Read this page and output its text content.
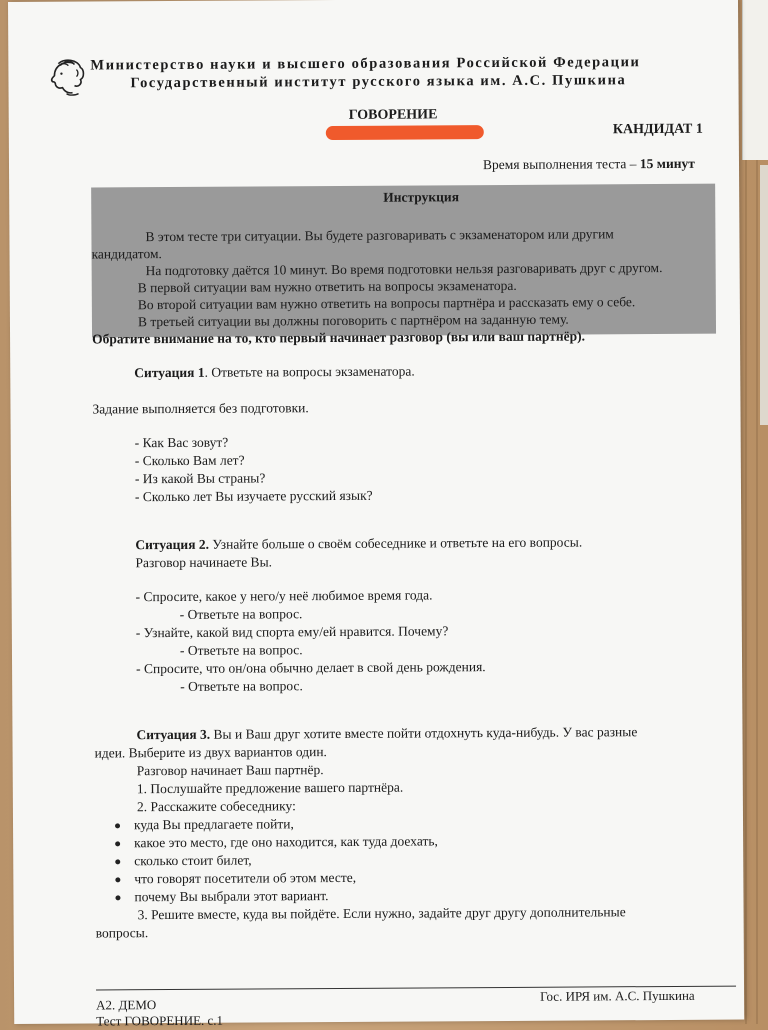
Министерство науки и высшего образования Российской Федерации
Государственный институт русского языка им. А.С. Пушкина
ГОВОРЕНИЕ
КАНДИДАТ 1
Время выполнения теста – 15 минут
Инструкция
В этом тесте три ситуации. Вы будете разговаривать с экзаменатором или другим
кандидатом.
На подготовку даётся 10 минут. Во время подготовки нельзя разговаривать друг с другом.
В первой ситуации вам нужно ответить на вопросы экзаменатора.
Во второй ситуации вам нужно ответить на вопросы партнёра и рассказать ему о себе.
В третьей ситуации вы должны поговорить с партнёром на заданную тему.
Обратите внимание на то, кто первый начинает разговор (вы или ваш партнёр).
Ситуация 1. Ответьте на вопросы экзаменатора.
Задание выполняется без подготовки.
- Как Вас зовут?
- Сколько Вам лет?
- Из какой Вы страны?
- Сколько лет Вы изучаете русский язык?
Ситуация 2. Узнайте больше о своём собеседнике и ответьте на его вопросы.
Разговор начинаете Вы.
- Спросите, какое у него/у неё любимое время года.
- Ответьте на вопрос.
- Узнайте, какой вид спорта ему/ей нравится. Почему?
- Ответьте на вопрос.
- Спросите, что он/она обычно делает в свой день рождения.
- Ответьте на вопрос.
Ситуация 3. Вы и Ваш друг хотите вместе пойти отдохнуть куда-нибудь. У вас разные
идеи. Выберите из двух вариантов один.
Разговор начинает Ваш партнёр.
1. Послушайте предложение вашего партнёра.
2. Расскажите собеседнику:
куда Вы предлагаете пойти,
какое это место, где оно находится, как туда доехать,
сколько стоит билет,
что говорят посетители об этом месте,
почему Вы выбрали этот вариант.
3. Решите вместе, куда вы пойдёте. Если нужно, задайте друг другу дополнительные
вопросы.
Гос. ИРЯ им. А.С. Пушкина
А2. ДЕМО
Тест ГОВОРЕНИЕ. с.1
